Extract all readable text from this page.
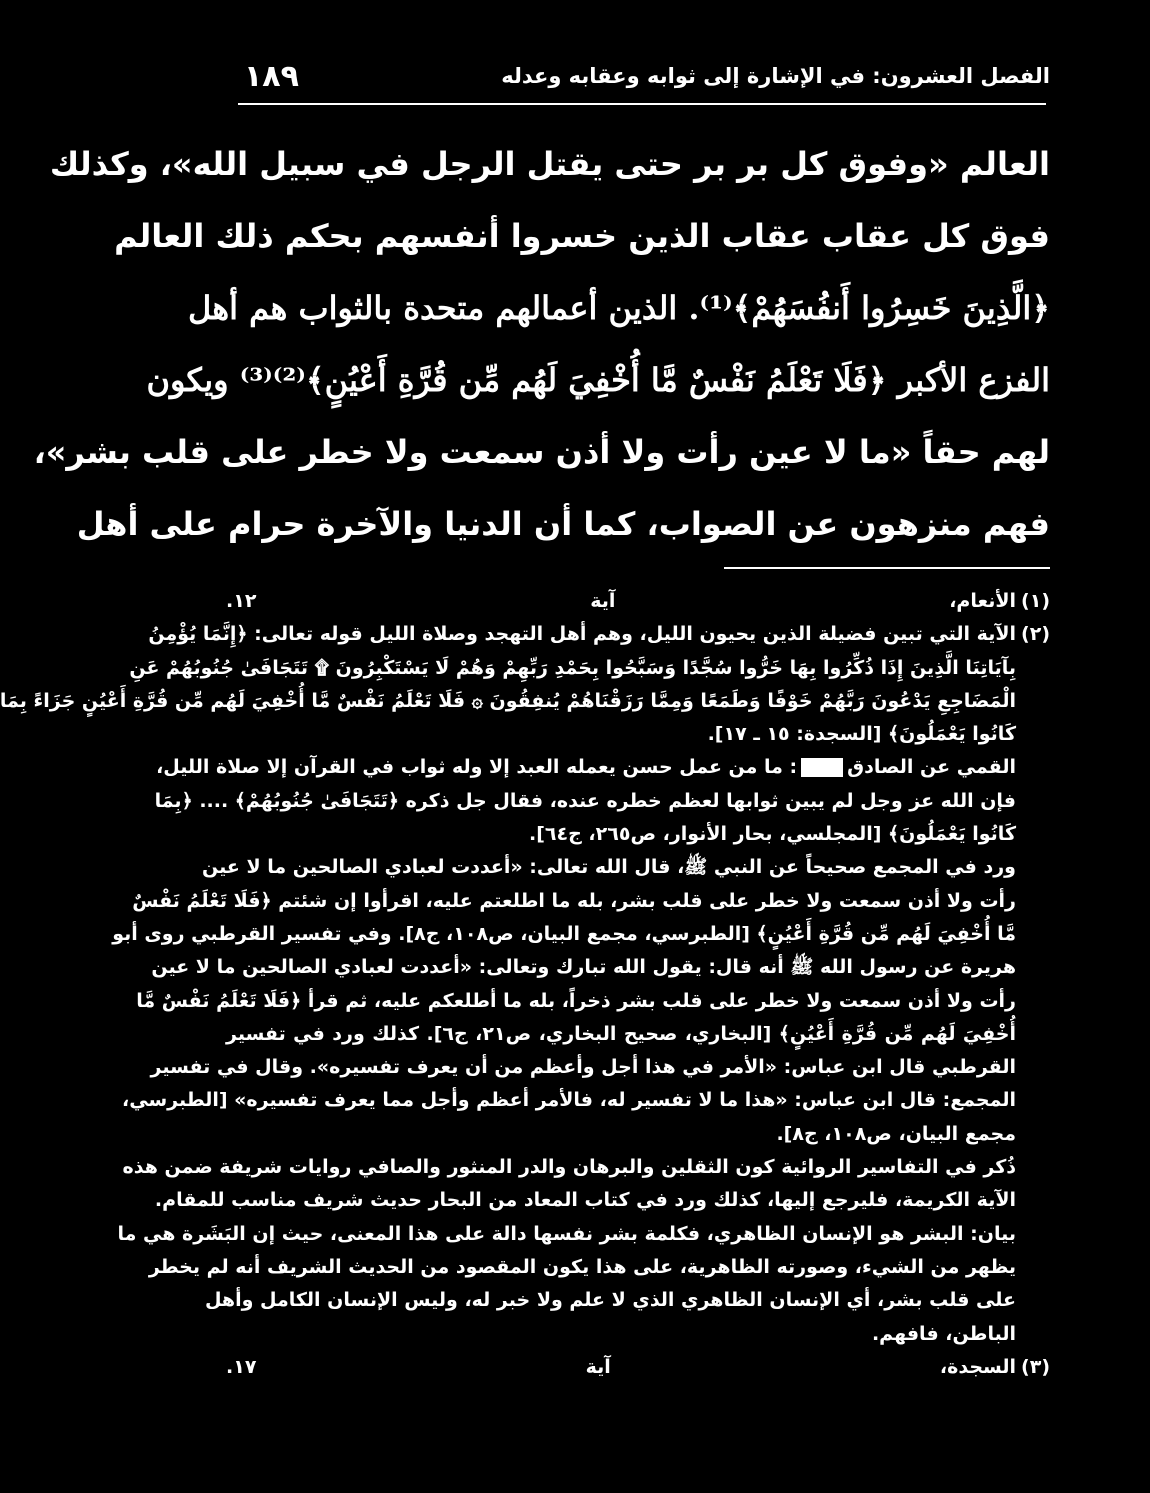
الفصل العشرون: في الإشارة إلى ثوابه وعقابه وعدله
١٨٩

العالم «وفوق كل بر بر حتى يقتل الرجل في سبيل الله»، وكذلك

فوق كل عقاب عقاب الذين خسروا أنفسهم بحكم ذلك العالم

﴿الَّذِينَ خَسِرُوا أَنفُسَهُمْ﴾⁽¹⁾. الذين أعمالهم متحدة بالثواب هم أهل

الفزع الأكبر ﴿فَلَا تَعْلَمُ نَفْسٌ مَّا أُخْفِيَ لَهُم مِّن قُرَّةِ أَعْيُنٍ﴾⁽²⁾⁽³⁾ ويكون

لهم حقاً «ما لا عين رأت ولا أذن سمعت ولا خطر على قلب بشر»،

فهم منزهون عن الصواب، كما أن الدنيا والآخرة حرام على أهل

(١)الأنعام، آية ١٢.

(٢)الآية التي تبين فضيلة الذين يحيون الليل، وهم أهل التهجد وصلاة الليل قوله تعالى: ﴿إِنَّمَا يُؤْمِنُ

بِآيَاتِنَا الَّذِينَ إِذَا ذُكِّرُوا بِهَا خَرُّوا سُجَّدًا وَسَبَّحُوا بِحَمْدِ رَبِّهِمْ وَهُمْ لَا يَسْتَكْبِرُونَ ۩ تَتَجَافَىٰ جُنُوبُهُمْ عَنِ

الْمَضَاجِعِ يَدْعُونَ رَبَّهُمْ خَوْفًا وَطَمَعًا وَمِمَّا رَزَقْنَاهُمْ يُنفِقُونَ ۞ فَلَا تَعْلَمُ نَفْسٌ مَّا أُخْفِيَ لَهُم مِّن قُرَّةِ أَعْيُنٍ جَزَاءً بِمَا

كَانُوا يَعْمَلُونَ﴾ [السجدة: ١٥ ـ ١٧].

القمي عن الصادق: ما من عمل حسن يعمله العبد إلا وله ثواب في القرآن إلا صلاة الليل،

فإن الله عز وجل لم يبين ثوابها لعظم خطره عنده، فقال جل ذكره ﴿تَتَجَافَىٰ جُنُوبُهُمْ﴾ .... ﴿بِمَا

كَانُوا يَعْمَلُونَ﴾ [المجلسي، بحار الأنوار، ص٢٦٥، ج٦٤].

ورد في المجمع صحيحاً عن النبي ﷺ، قال الله تعالى: «أعددت لعبادي الصالحين ما لا عين

رأت ولا أذن سمعت ولا خطر على قلب بشر، بله ما اطلعتم عليه، اقرأوا إن شئتم ﴿فَلَا تَعْلَمُ نَفْسٌ

مَّا أُخْفِيَ لَهُم مِّن قُرَّةِ أَعْيُنٍ﴾ [الطبرسي، مجمع البيان، ص١٠٨، ج٨]. وفي تفسير القرطبي روى أبو

هريرة عن رسول الله ﷺ أنه قال: يقول الله تبارك وتعالى: «أعددت لعبادي الصالحين ما لا عين

رأت ولا أذن سمعت ولا خطر على قلب بشر ذخراً، بله ما أطلعكم عليه، ثم قرأ ﴿فَلَا تَعْلَمُ نَفْسٌ مَّا

أُخْفِيَ لَهُم مِّن قُرَّةِ أَعْيُنٍ﴾ [البخاري، صحيح البخاري، ص٢١، ج٦]. كذلك ورد في تفسير

القرطبي قال ابن عباس: «الأمر في هذا أجل وأعظم من أن يعرف تفسيره». وقال في تفسير

المجمع: قال ابن عباس: «هذا ما لا تفسير له، فالأمر أعظم وأجل مما يعرف تفسيره» [الطبرسي،

مجمع البيان، ص١٠٨، ج٨].

ذُكر في التفاسير الروائية كون الثقلين والبرهان والدر المنثور والصافي روايات شريفة ضمن هذه

الآية الكريمة، فليرجع إليها، كذلك ورد في كتاب المعاد من البحار حديث شريف مناسب للمقام.

بيان: البشر هو الإنسان الظاهري، فكلمة بشر نفسها دالة على هذا المعنى، حيث إن البَشَرة هي ما

يظهر من الشيء، وصورته الظاهرية، على هذا يكون المقصود من الحديث الشريف أنه لم يخطر

على قلب بشر، أي الإنسان الظاهري الذي لا علم ولا خبر له، وليس الإنسان الكامل وأهل

الباطن، فافهم.

(٣)السجدة، آية ١٧.
